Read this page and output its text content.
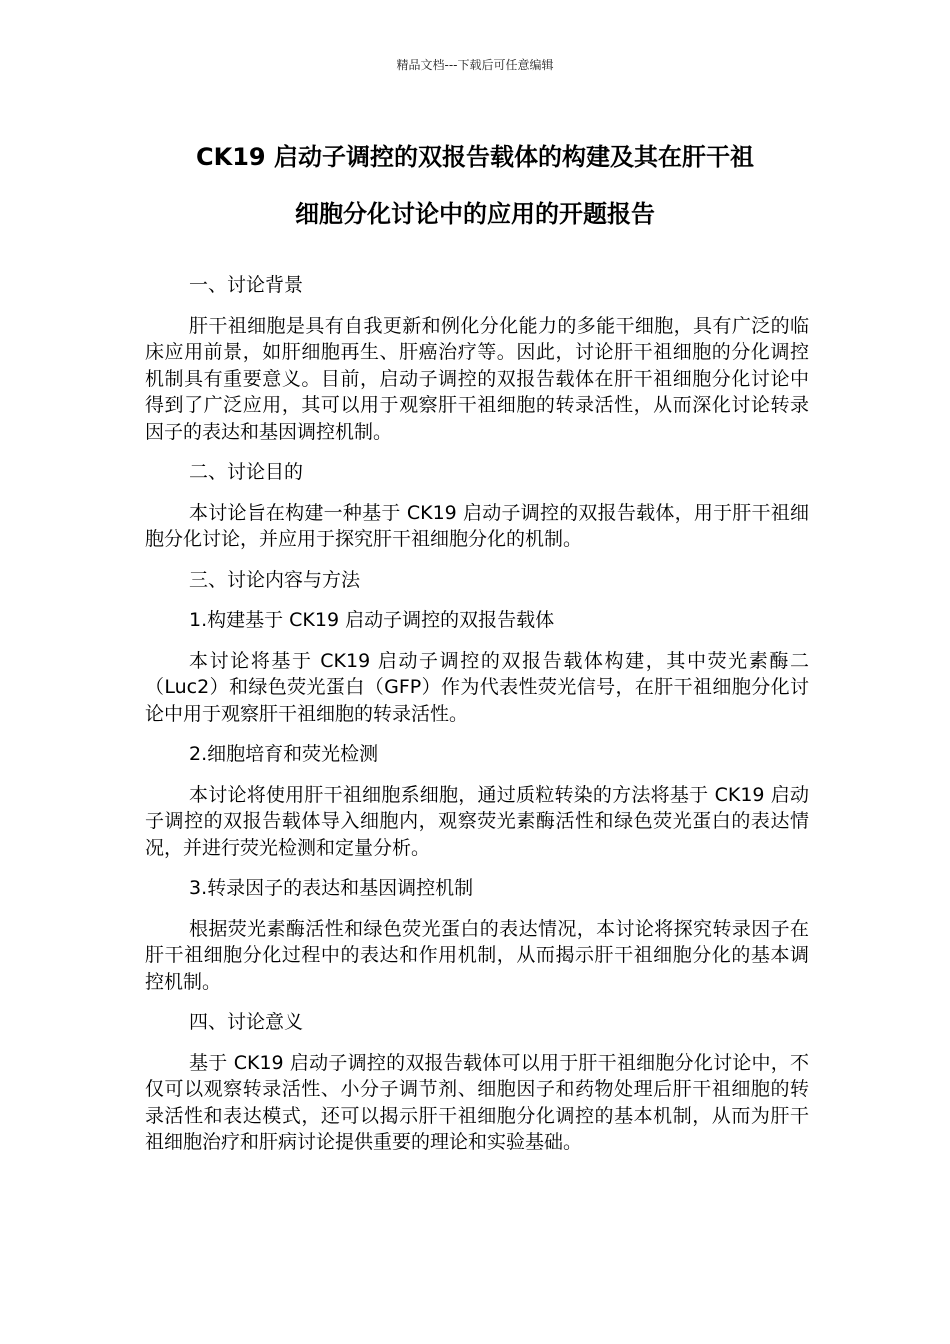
精品文档---下载后可任意编辑
CK19 启动子调控的双报告载体的构建及其在肝干祖
细胞分化讨论中的应用的开题报告

一、讨论背景

肝干祖细胞是具有自我更新和例化分化能力的多能干细胞，具有广泛的临床应用前景，如肝细胞再生、肝癌治疗等。因此，讨论肝干祖细胞的分化调控机制具有重要意义。目前，启动子调控的双报告载体在肝干祖细胞分化讨论中得到了广泛应用，其可以用于观察肝干祖细胞的转录活性，从而深化讨论转录因子的表达和基因调控机制。

二、讨论目的

本讨论旨在构建一种基于 CK19 启动子调控的双报告载体，用于肝干祖细胞分化讨论，并应用于探究肝干祖细胞分化的机制。

三、讨论内容与方法

1.构建基于 CK19 启动子调控的双报告载体

本讨论将基于 CK19 启动子调控的双报告载体构建，其中荧光素酶二（Luc2）和绿色荧光蛋白（GFP）作为代表性荧光信号，在肝干祖细胞分化讨论中用于观察肝干祖细胞的转录活性。

2.细胞培育和荧光检测

本讨论将使用肝干祖细胞系细胞，通过质粒转染的方法将基于 CK19 启动子调控的双报告载体导入细胞内，观察荧光素酶活性和绿色荧光蛋白的表达情况，并进行荧光检测和定量分析。

3.转录因子的表达和基因调控机制

根据荧光素酶活性和绿色荧光蛋白的表达情况，本讨论将探究转录因子在肝干祖细胞分化过程中的表达和作用机制，从而揭示肝干祖细胞分化的基本调控机制。

四、讨论意义

基于 CK19 启动子调控的双报告载体可以用于肝干祖细胞分化讨论中，不仅可以观察转录活性、小分子调节剂、细胞因子和药物处理后肝干祖细胞的转录活性和表达模式，还可以揭示肝干祖细胞分化调控的基本机制，从而为肝干祖细胞治疗和肝病讨论提供重要的理论和实验基础。
